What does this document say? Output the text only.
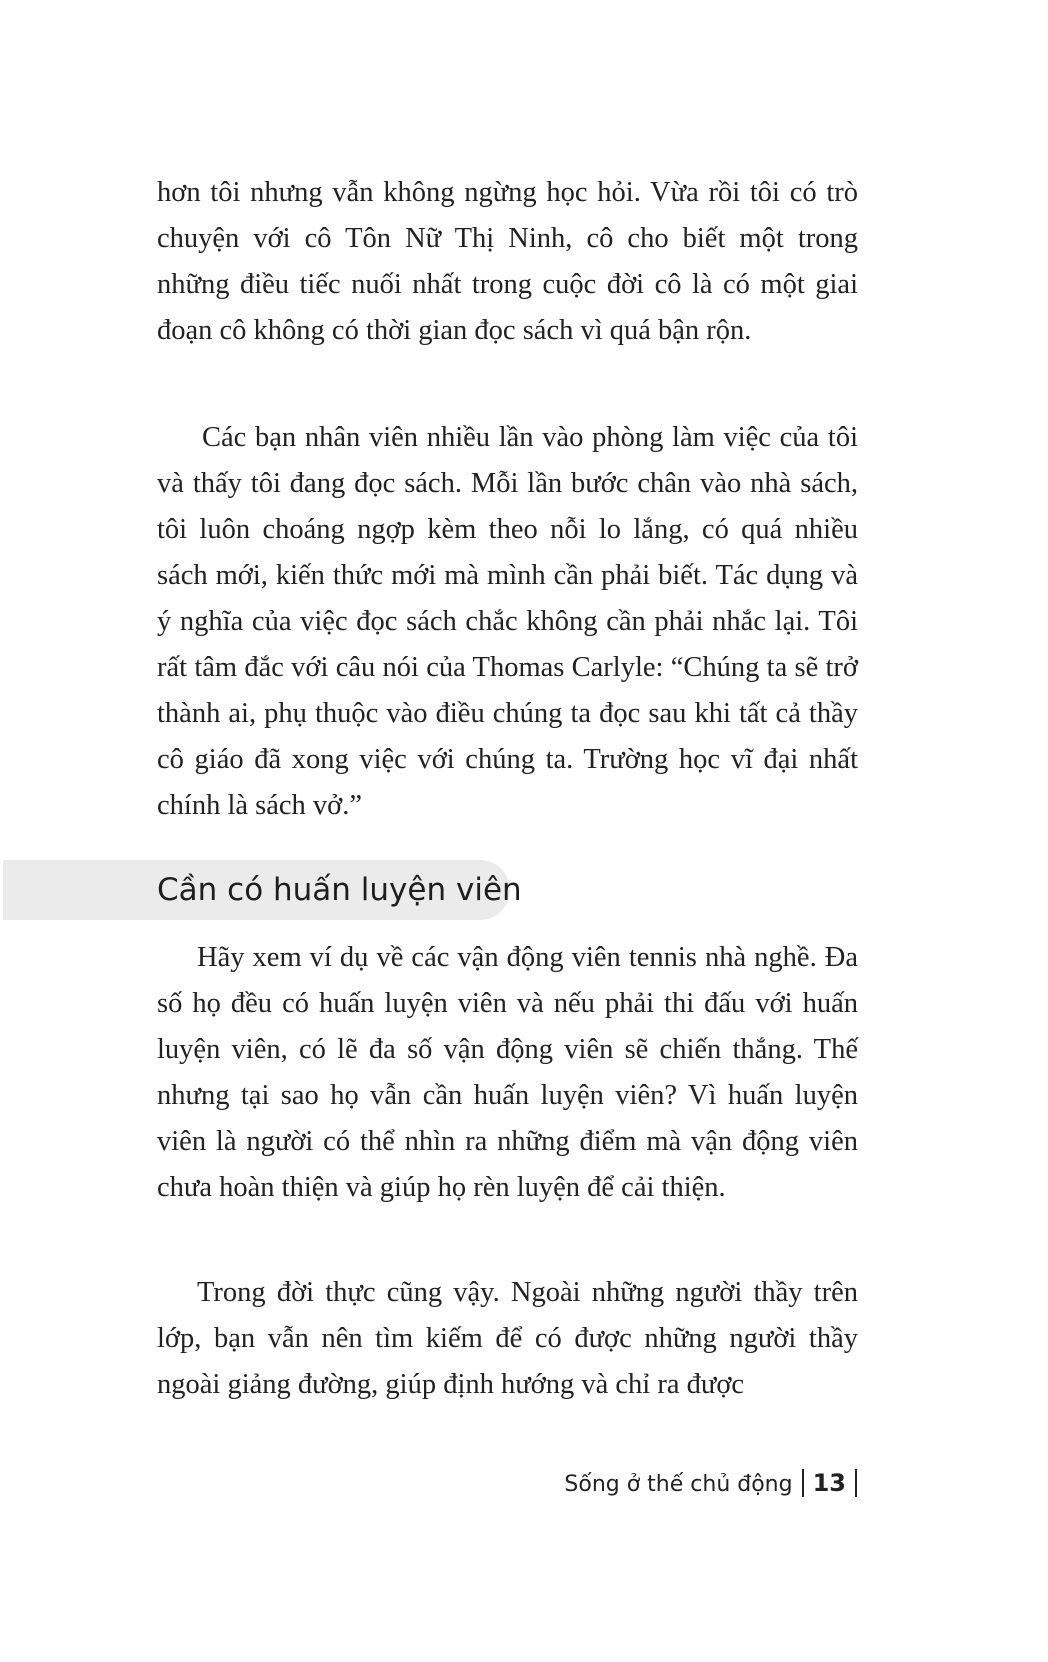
hơn tôi nhưng vẫn không ngừng học hỏi. Vừa rồi tôi có trò chuyện với cô Tôn Nữ Thị Ninh, cô cho biết một trong những điều tiếc nuối nhất trong cuộc đời cô là có một giai đoạn cô không có thời gian đọc sách vì quá bận rộn.

Các bạn nhân viên nhiều lần vào phòng làm việc của tôi và thấy tôi đang đọc sách. Mỗi lần bước chân vào nhà sách, tôi luôn choáng ngợp kèm theo nỗi lo lắng, có quá nhiều sách mới, kiến thức mới mà mình cần phải biết. Tác dụng và ý nghĩa của việc đọc sách chắc không cần phải nhắc lại. Tôi rất tâm đắc với câu nói của Thomas Carlyle: “Chúng ta sẽ trở thành ai, phụ thuộc vào điều chúng ta đọc sau khi tất cả thầy cô giáo đã xong việc với chúng ta. Trường học vĩ đại nhất chính là sách vở.”

Cần có huấn luyện viên

Hãy xem ví dụ về các vận động viên tennis nhà nghề. Đa số họ đều có huấn luyện viên và nếu phải thi đấu với huấn luyện viên, có lẽ đa số vận động viên sẽ chiến thắng. Thế nhưng tại sao họ vẫn cần huấn luyện viên? Vì huấn luyện viên là người có thể nhìn ra những điểm mà vận động viên chưa hoàn thiện và giúp họ rèn luyện để cải thiện.

Trong đời thực cũng vậy. Ngoài những người thầy trên lớp, bạn vẫn nên tìm kiếm để có được những người thầy ngoài giảng đường, giúp định hướng và chỉ ra được

Sống ở thế chủ động 13
